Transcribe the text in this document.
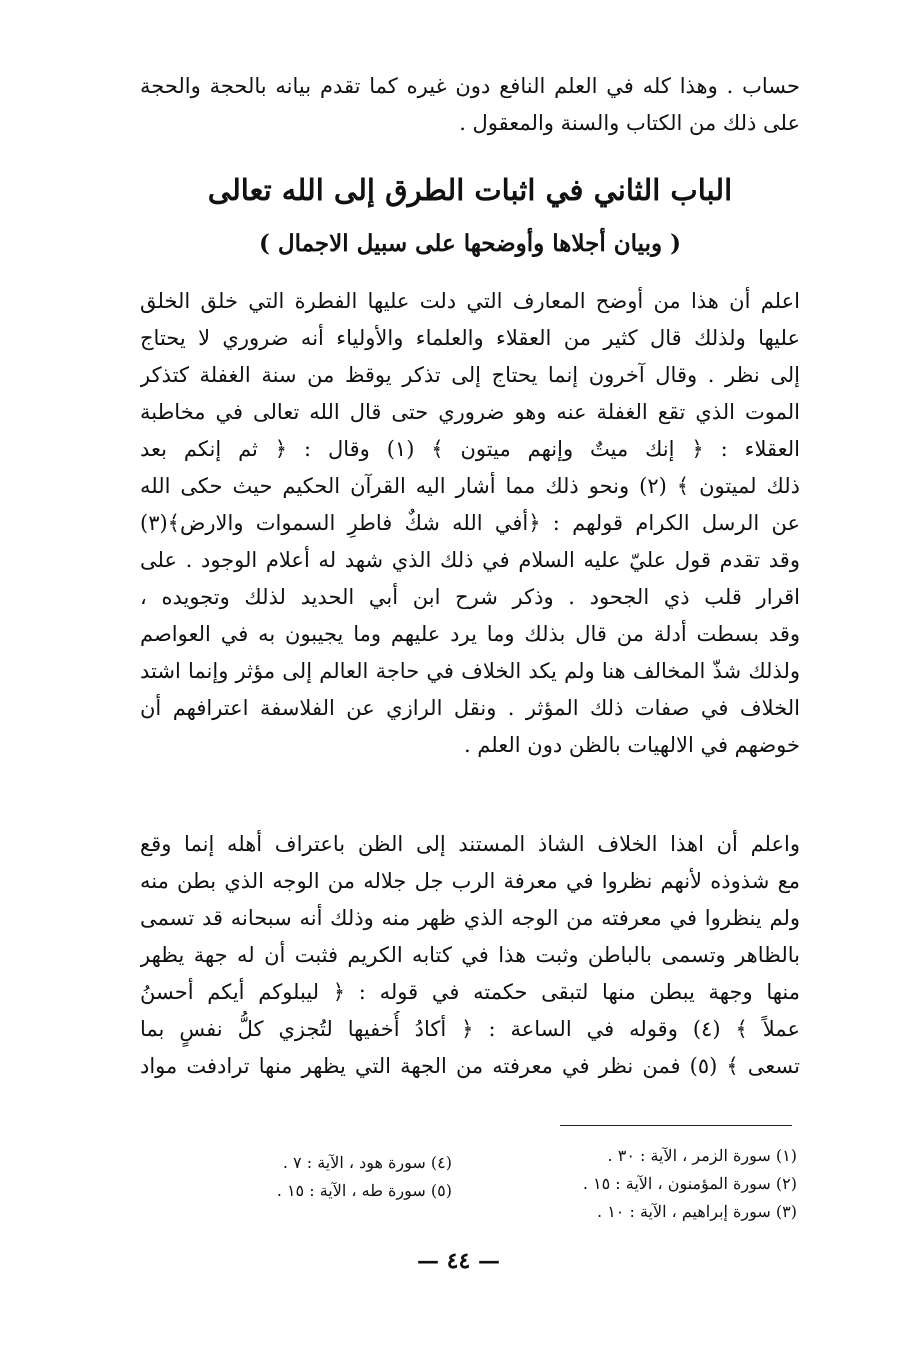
حساب . وهذا كله في العلم النافع دون غيره كما تقدم بيانه بالحجة والحجة
على ذلك من الكتاب والسنة والمعقول .
الباب الثاني في اثبات الطرق إلى الله تعالى
( وبيان أجلاها وأوضحها على سبيل الاجمال )
اعلم أن هذا من أوضح المعارف التي دلت عليها الفطرة التي خلق الخلق
عليها ولذلك قال كثير من العقلاء والعلماء والأولياء أنه ضروري لا يحتاج
إلى نظر . وقال آخرون إنما يحتاج إلى تذكر يوقظ من سنة الغفلة كتذكر
الموت الذي تقع الغفلة عنه وهو ضروري حتى قال الله تعالى في مخاطبة
العقلاء : ﴿ إنك ميتٌ وإنهم ميتون ﴾ (١) وقال : ﴿ ثم إنكم بعد
ذلك لميتون ﴾ (٢) ونحو ذلك مما أشار اليه القرآن الحكيم حيث حكى الله
عن الرسل الكرام قولهم : ﴿أفي الله شكٌ فاطرِ السموات والارض﴾(٣)
وقد تقدم قول عليّ عليه السلام في ذلك الذي شهد له أعلام الوجود . على
اقرار قلب ذي الجحود . وذكر شرح ابن أبي الحديد لذلك وتجويده ،
وقد بسطت أدلة من قال بذلك وما يرد عليهم وما يجيبون به في العواصم
ولذلك شذّ المخالف هنا ولم يكد الخلاف في حاجة العالم إلى مؤثر وإنما اشتد
الخلاف في صفات ذلك المؤثر . ونقل الرازي عن الفلاسفة اعترافهم أن
خوضهم في الالهيات بالظن دون العلم .
واعلم أن اهذا الخلاف الشاذ المستند إلى الظن باعتراف أهله إنما وقع
مع شذوذه لأنهم نظروا في معرفة الرب جل جلاله من الوجه الذي بطن منه
ولم ينظروا في معرفته من الوجه الذي ظهر منه وذلك أنه سبحانه قد تسمى
بالظاهر وتسمى بالباطن وثبت هذا في كتابه الكريم فثبت أن له جهة يظهر
منها وجهة يبطن منها لتبقى حكمته في قوله : ﴿ ليبلوكم أيكم أحسنُ
عملاً ﴾ (٤) وقوله في الساعة : ﴿ أكادُ أُخفيها لتُجزي كلُّ نفسٍ بما
تسعى ﴾ (٥) فمن نظر في معرفته من الجهة التي يظهر منها ترادفت مواد
(١) سورة الزمر ، الآية : ٣٠ .
(٢) سورة المؤمنون ، الآية : ١٥ .
(٣) سورة إبراهيم ، الآية : ١٠ .
(٤) سورة هود ، الآية : ٧ .
(٥) سورة طه ، الآية : ١٥ .
— ٤٤ —
